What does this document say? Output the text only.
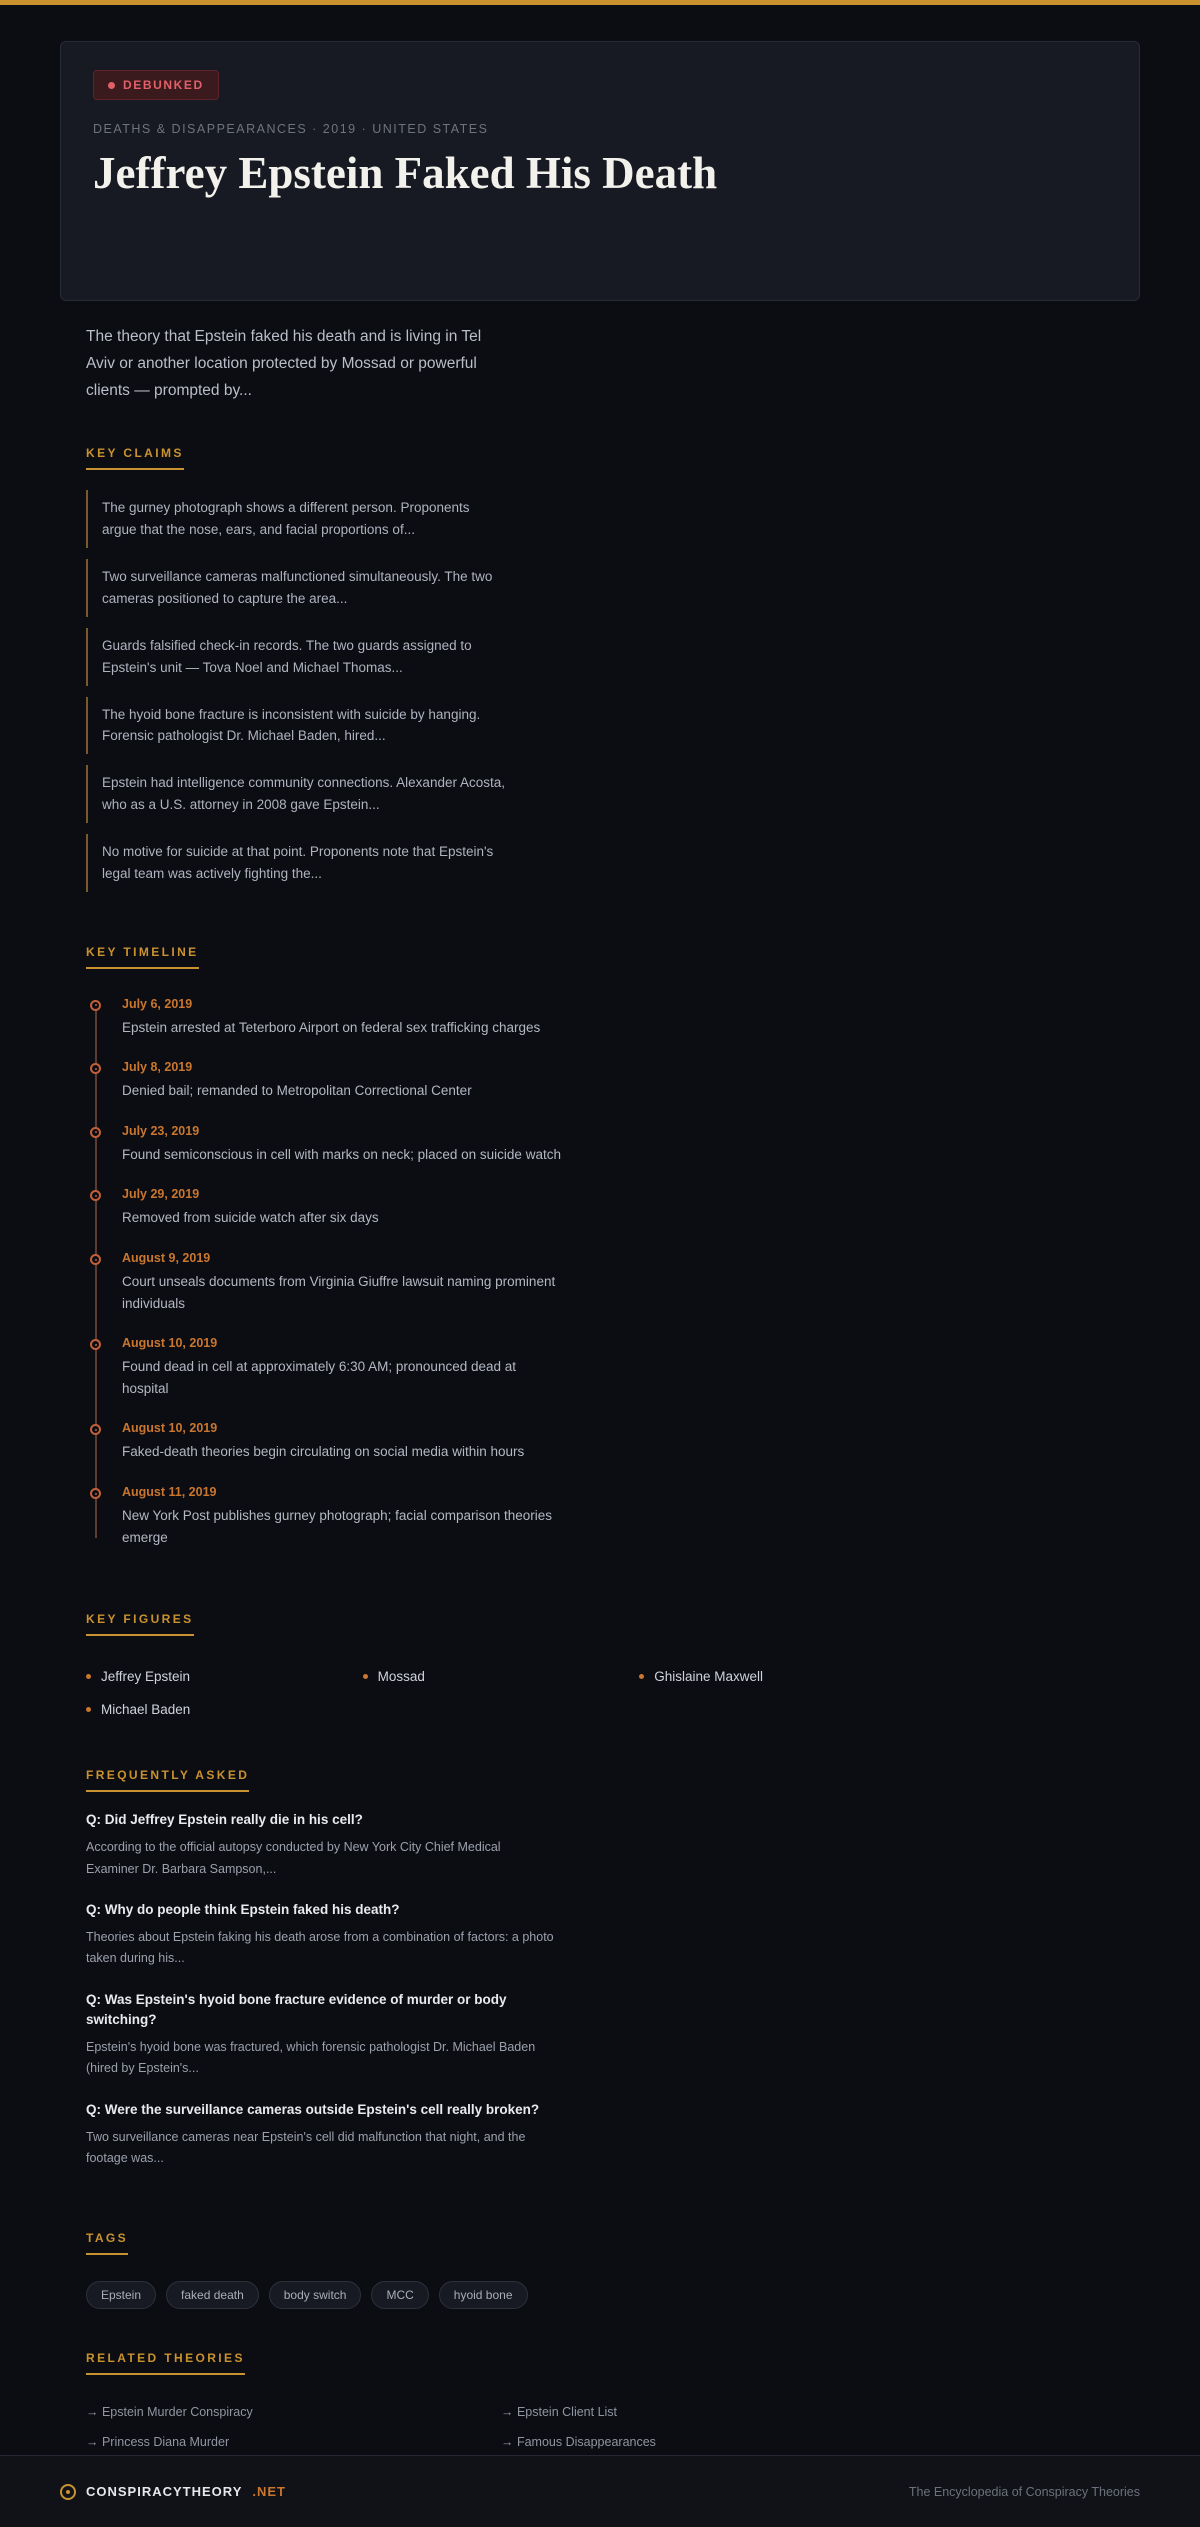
DEBUNKED
DEATHS & DISAPPEARANCES · 2019 · UNITED STATES
Jeffrey Epstein Faked His Death
The theory that Epstein faked his death and is living in Tel Aviv or another location protected by Mossad or powerful clients — prompted by...
KEY CLAIMS
The gurney photograph shows a different person. Proponents argue that the nose, ears, and facial proportions of...
Two surveillance cameras malfunctioned simultaneously. The two cameras positioned to capture the area...
Guards falsified check-in records. The two guards assigned to Epstein's unit — Tova Noel and Michael Thomas...
The hyoid bone fracture is inconsistent with suicide by hanging. Forensic pathologist Dr. Michael Baden, hired...
Epstein had intelligence community connections. Alexander Acosta, who as a U.S. attorney in 2008 gave Epstein...
No motive for suicide at that point. Proponents note that Epstein's legal team was actively fighting the...
KEY TIMELINE
July 6, 2019
Epstein arrested at Teterboro Airport on federal sex trafficking charges
July 8, 2019
Denied bail; remanded to Metropolitan Correctional Center
July 23, 2019
Found semiconscious in cell with marks on neck; placed on suicide watch
July 29, 2019
Removed from suicide watch after six days
August 9, 2019
Court unseals documents from Virginia Giuffre lawsuit naming prominent individuals
August 10, 2019
Found dead in cell at approximately 6:30 AM; pronounced dead at hospital
August 10, 2019
Faked-death theories begin circulating on social media within hours
August 11, 2019
New York Post publishes gurney photograph; facial comparison theories emerge
KEY FIGURES
Jeffrey Epstein	Mossad	Ghislaine Maxwell
Michael Baden
FREQUENTLY ASKED
Q: Did Jeffrey Epstein really die in his cell?
According to the official autopsy conducted by New York City Chief Medical Examiner Dr. Barbara Sampson,...
Q: Why do people think Epstein faked his death?
Theories about Epstein faking his death arose from a combination of factors: a photo taken during his...
Q: Was Epstein's hyoid bone fracture evidence of murder or body switching?
Epstein's hyoid bone was fractured, which forensic pathologist Dr. Michael Baden (hired by Epstein's...
Q: Were the surveillance cameras outside Epstein's cell really broken?
Two surveillance cameras near Epstein's cell did malfunction that night, and the footage was...
TAGS
Epstein	faked death	body switch	MCC	hyoid bone
RELATED THEORIES
→ Epstein Murder Conspiracy	→ Epstein Client List
→ Princess Diana Murder	→ Famous Disappearances
CONSPIRACYTHEORY .NET	The Encyclopedia of Conspiracy Theories
